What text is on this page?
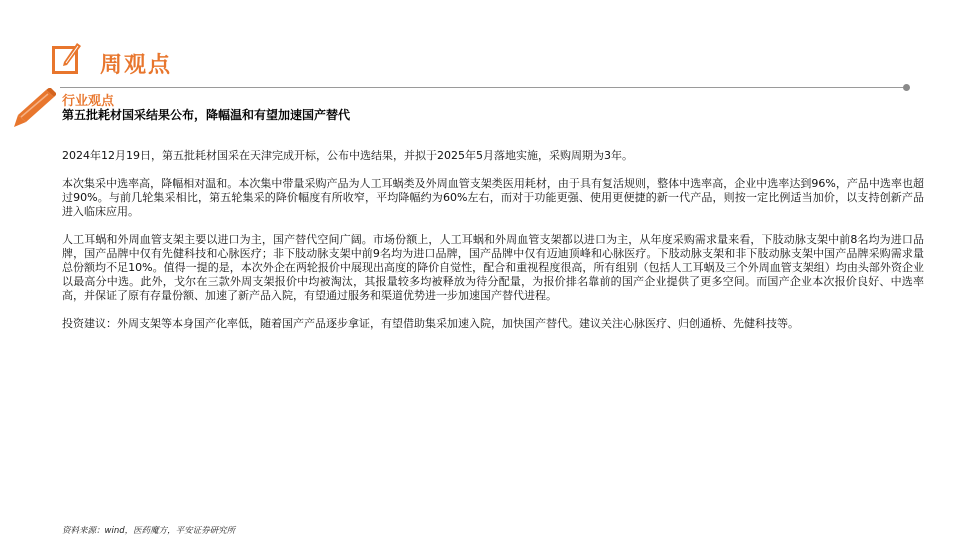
周观点
行业观点
第五批耗材国采结果公布，降幅温和有望加速国产替代

2024年12月19日，第五批耗材国采在天津完成开标，公布中选结果，并拟于2025年5月落地实施，采购周期为3年。

本次集采中选率高，降幅相对温和。本次集中带量采购产品为人工耳蜗类及外周血管支架类医用耗材，由于具有复活规则，整体中选率高，企业中选率达到96%，产品中选率也超过90%。与前几轮集采相比，第五轮集采的降价幅度有所收窄，平均降幅约为60%左右，而对于功能更强、使用更便捷的新一代产品，则按一定比例适当加价，以支持创新产品进入临床应用。

人工耳蜗和外周血管支架主要以进口为主，国产替代空间广阔。市场份额上，人工耳蜗和外周血管支架都以进口为主，从年度采购需求量来看，下肢动脉支架中前8名均为进口品牌，国产品牌中仅有先健科技和心脉医疗；非下肢动脉支架中前9名均为进口品牌，国产品牌中仅有迈迪顶峰和心脉医疗。下肢动脉支架和非下肢动脉支架中国产品牌采购需求量总份额均不足10%。值得一提的是，本次外企在两轮报价中展现出高度的降价自觉性，配合和重视程度很高，所有组别（包括人工耳蜗及三个外周血管支架组）均由头部外资企业以最高分中选。此外，戈尔在三款外周支架报价中均被淘汰，其报量较多均被释放为待分配量，为报价排名靠前的国产企业提供了更多空间。而国产企业本次报价良好、中选率高，并保证了原有存量份额、加速了新产品入院，有望通过服务和渠道优势进一步加速国产替代进程。

投资建议：外周支架等本身国产化率低，随着国产产品逐步拿证，有望借助集采加速入院，加快国产替代。建议关注心脉医疗、归创通桥、先健科技等。

资料来源：wind，医药魔方，平安证券研究所
